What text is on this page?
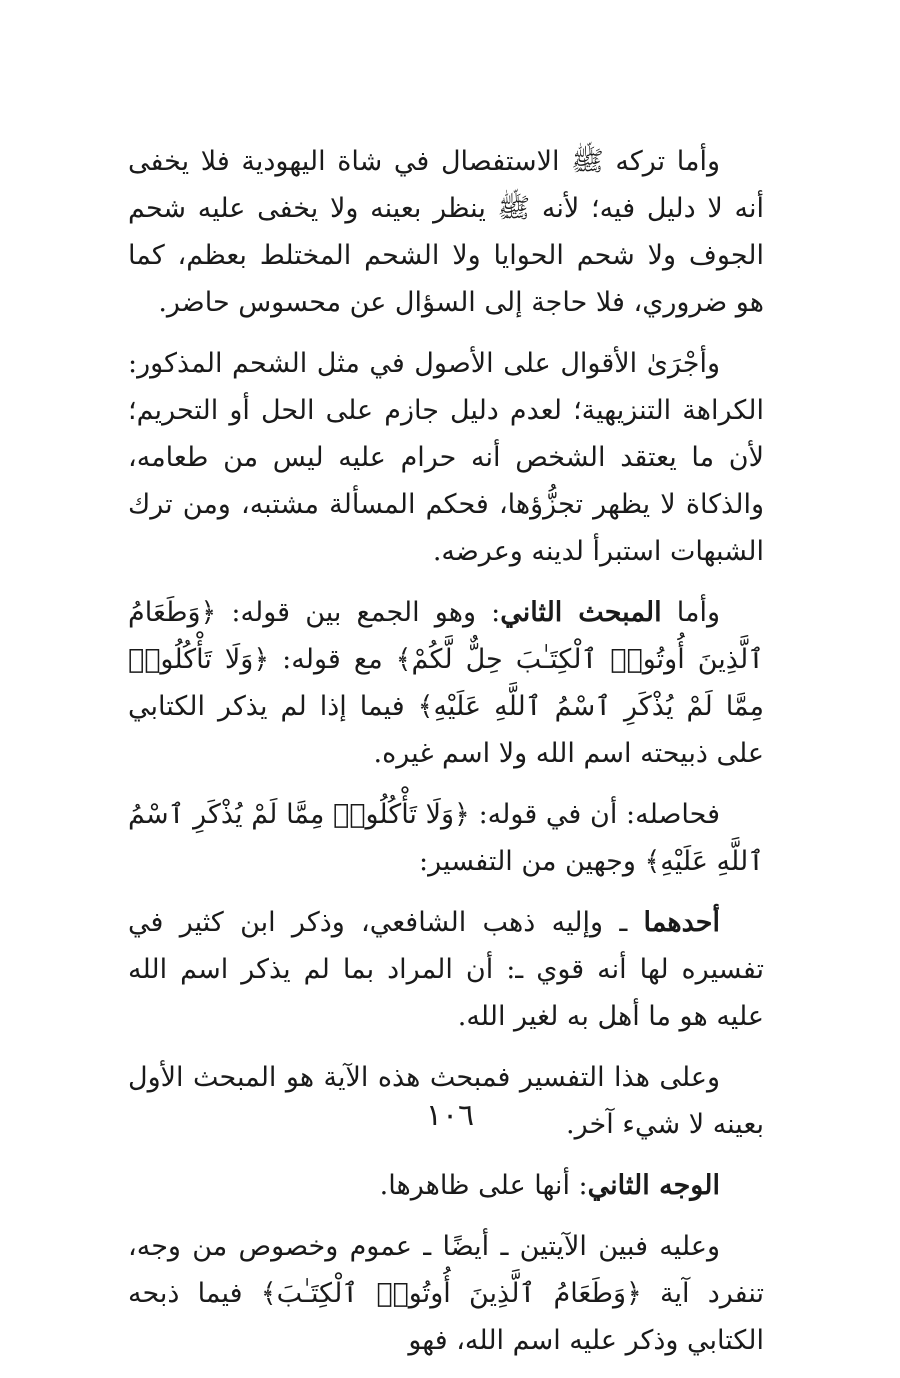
وأما تركه ﷺ الاستفصال في شاة اليهودية فلا يخفى أنه لا دليل فيه؛ لأنه ﷺ ينظر بعينه ولا يخفى عليه شحم الجوف ولا شحم الحوايا ولا الشحم المختلط بعظم، كما هو ضروري، فلا حاجة إلى السؤال عن محسوس حاضر.

وأجْرَىٰ الأقوال على الأصول في مثل الشحم المذكور: الكراهة التنزيهية؛ لعدم دليل جازم على الحل أو التحريم؛ لأن ما يعتقد الشخص أنه حرام عليه ليس من طعامه، والذكاة لا يظهر تجزُّؤها، فحكم المسألة مشتبه، ومن ترك الشبهات استبرأ لدينه وعرضه.

وأما المبحث الثاني: وهو الجمع بين قوله: ﴿وَطَعَامُ ٱلَّذِينَ أُوتُوا۟ ٱلْكِتَـٰبَ حِلٌّ لَّكُمْ﴾ مع قوله: ﴿وَلَا تَأْكُلُوا۟ مِمَّا لَمْ يُذْكَرِ ٱسْمُ ٱللَّهِ عَلَيْهِ﴾ فيما إذا لم يذكر الكتابي على ذبيحته اسم الله ولا اسم غيره.

فحاصله: أن في قوله: ﴿وَلَا تَأْكُلُوا۟ مِمَّا لَمْ يُذْكَرِ ٱسْمُ ٱللَّهِ عَلَيْهِ﴾ وجهين من التفسير:

أحدهما ـ وإليه ذهب الشافعي، وذكر ابن كثير في تفسيره لها أنه قوي ـ: أن المراد بما لم يذكر اسم الله عليه هو ما أهل به لغير الله.

وعلى هذا التفسير فمبحث هذه الآية هو المبحث الأول بعينه لا شيء آخر.

الوجه الثاني: أنها على ظاهرها.

وعليه فبين الآيتين ـ أيضًا ـ عموم وخصوص من وجه، تنفرد آية ﴿وَطَعَامُ ٱلَّذِينَ أُوتُوا۟ ٱلْكِتَـٰبَ﴾ فيما ذبحه الكتابي وذكر عليه اسم الله، فهو

١٠٦
